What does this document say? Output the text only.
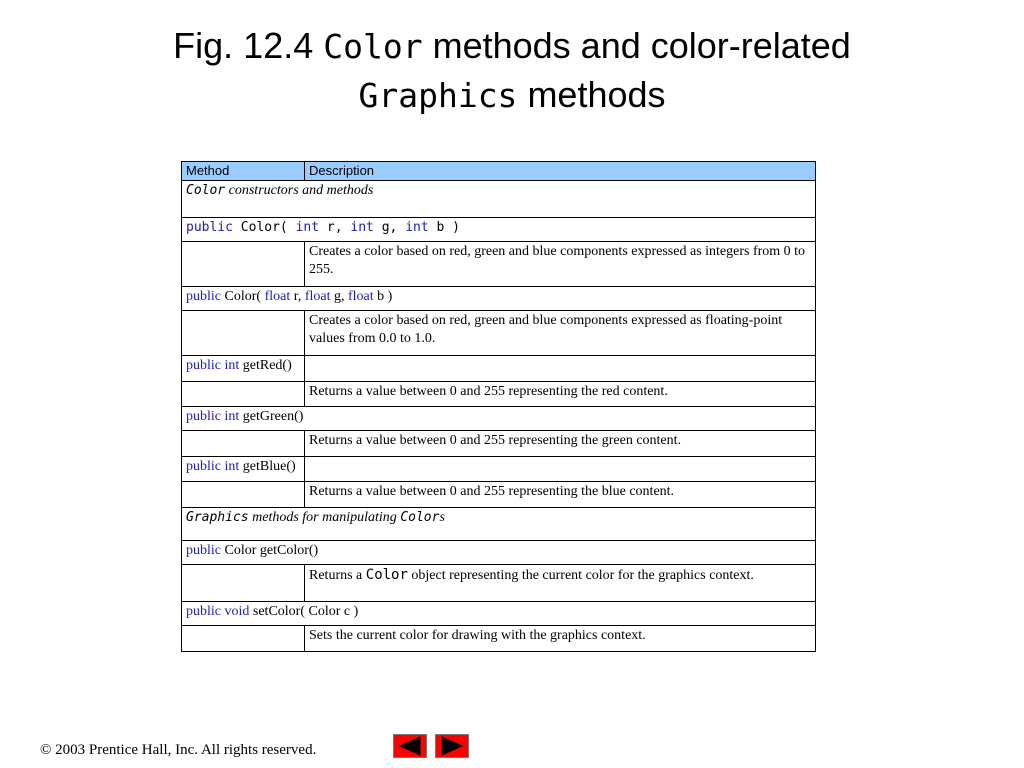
Fig. 12.4 Color methods and color-related
Graphics methods
Method	Description
Color constructors and methods	
public Color( int r, int g, int b )	
	Creates a color based on red, green and blue components expressed as integers from 0 to 255.
public Color( float r, float g, float b )	
	Creates a color based on red, green and blue components expressed as floating-point values from 0.0 to 1.0.
public int getRed()	
	Returns a value between 0 and 255 representing the red content.
public int getGreen()	
	Returns a value between 0 and 255 representing the green content.
public int getBlue()	
	Returns a value between 0 and 255 representing the blue content.
Graphics methods for manipulating Colors	
public Color getColor()	
	Returns a Color object representing the current color for the graphics context.
public void setColor( Color c )	
	Sets the current color for drawing with the graphics context.
© 2003 Prentice Hall, Inc. All rights reserved.
